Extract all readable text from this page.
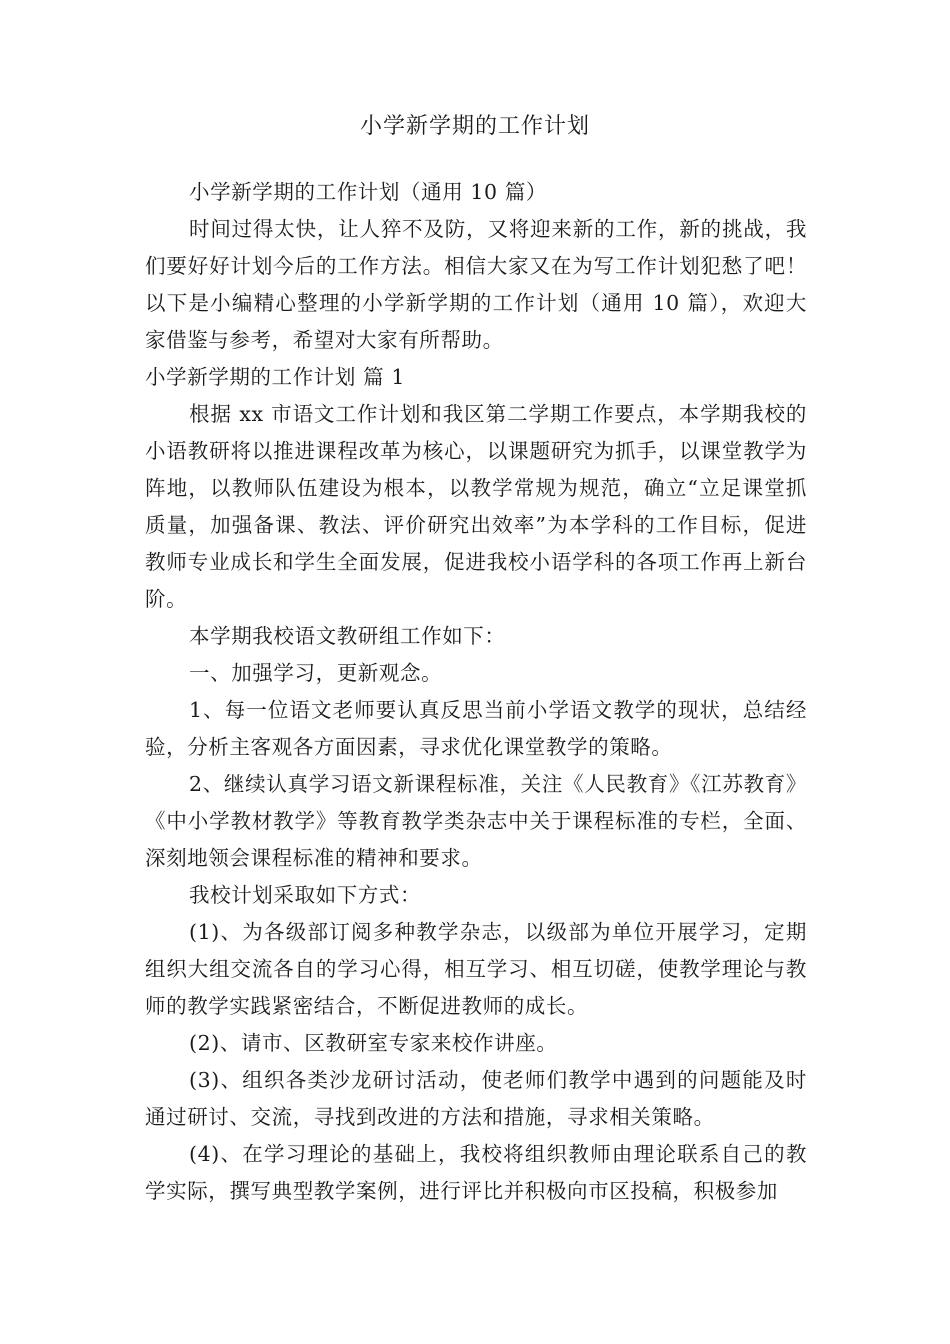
小学新学期的工作计划

小学新学期的工作计划（通用 10 篇）

时间过得太快，让人猝不及防，又将迎来新的工作，新的挑战，我们要好好计划今后的工作方法。相信大家又在为写工作计划犯愁了吧！以下是小编精心整理的小学新学期的工作计划（通用 10 篇），欢迎大家借鉴与参考，希望对大家有所帮助。

小学新学期的工作计划 篇 1

根据 xx 市语文工作计划和我区第二学期工作要点，本学期我校的小语教研将以推进课程改革为核心，以课题研究为抓手，以课堂教学为阵地，以教师队伍建设为根本，以教学常规为规范，确立“立足课堂抓质量，加强备课、教法、评价研究出效率”为本学科的工作目标，促进教师专业成长和学生全面发展，促进我校小语学科的各项工作再上新台阶。

本学期我校语文教研组工作如下：

一、加强学习，更新观念。

1、每一位语文老师要认真反思当前小学语文教学的现状，总结经验，分析主客观各方面因素，寻求优化课堂教学的策略。

2、继续认真学习语文新课程标准，关注《人民教育》《江苏教育》《中小学教材教学》等教育教学类杂志中关于课程标准的专栏，全面、深刻地领会课程标准的精神和要求。

我校计划采取如下方式：

(1)、为各级部订阅多种教学杂志，以级部为单位开展学习，定期组织大组交流各自的学习心得，相互学习、相互切磋，使教学理论与教师的教学实践紧密结合，不断促进教师的成长。

(2)、请市、区教研室专家来校作讲座。

(3)、组织各类沙龙研讨活动，使老师们教学中遇到的问题能及时通过研讨、交流，寻找到改进的方法和措施，寻求相关策略。

(4)、在学习理论的基础上，我校将组织教师由理论联系自己的教学实际，撰写典型教学案例，进行评比并积极向市区投稿，积极参加
